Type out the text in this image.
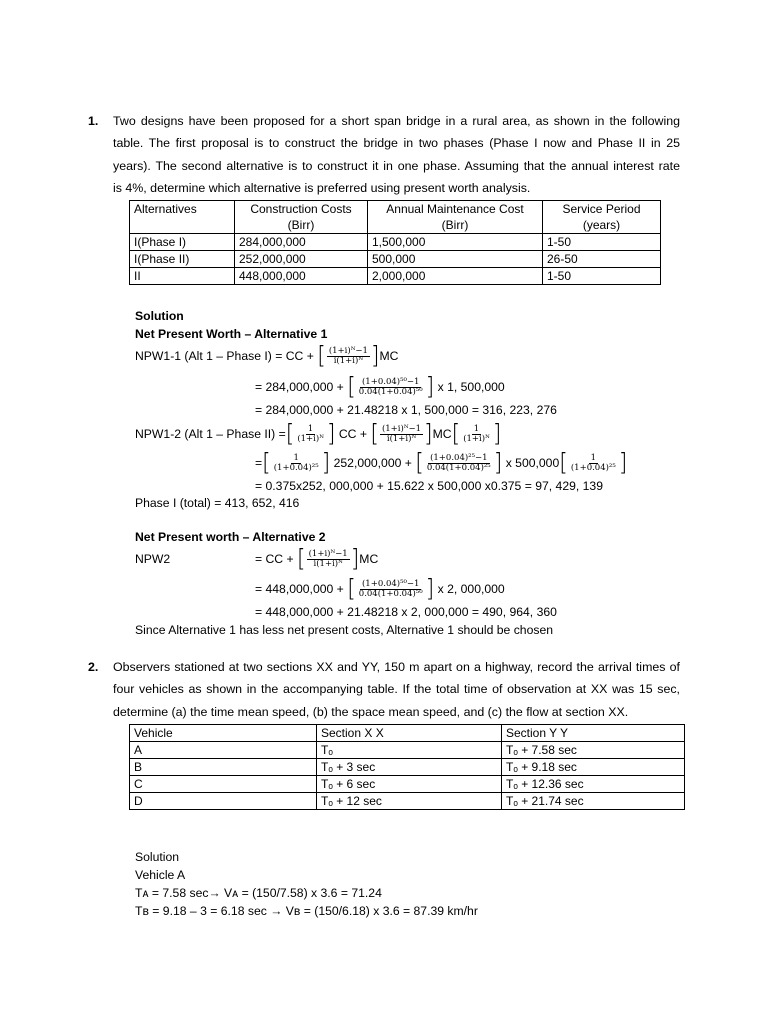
1. Two designs have been proposed for a short span bridge in a rural area, as shown in the following
table. The first proposal is to construct the bridge in two phases (Phase I now and Phase II in 25
years). The second alternative is to construct it in one phase. Assuming that the annual interest rate
is 4%, determine which alternative is preferred using present worth analysis.
Alternatives	Construction Costs (Birr)	Annual Maintenance Cost (Birr)	Service Period (years)
I(Phase I)	284,000,000	1,500,000	1-50
I(Phase II)	252,000,000	500,000	26-50
II	448,000,000	2,000,000	1-50
Solution
Net Present Worth – Alternative 1
NPW1-1 (Alt 1 – Phase I) = CC + [ $\frac{\text{(1+i)ᴺ−1}}{\text{i(1+i)ᴺ}} ]MC$
= 284,000,000 + [ $\frac{\text{(1+0.04)⁵⁰−1}}{\text{0.04(1+0.04)⁵⁰}}$ ] x 1, 500,000
= 284,000,000 + 21.48218 x 1, 500,000 = 316, 223, 276
NPW1-2 (Alt 1 – Phase II) =[ $\frac{1}{\text{(1+i)ᴺ}}$ ] CC + [ $\frac{\text{(1+i)ᴺ−1}}{\text{i(1+i)ᴺ}} ]MC[ \frac{1}{\text{(1+i)ᴺ}}$ ]
=[ $\frac{1}{\text{(1+0.04)²⁵}}$ ] 252,000,000 + [ $\frac{\text{(1+0.04)²⁵−1}}{\text{0.04(1+0.04)²⁵}}$ ] x $500,000[ \frac{1}{\text{(1+0.04)²⁵}}$ ]
= 0.375x252, 000,000 + 15.622 x 500,000 x0.375 = 97, 429, 139
Phase I (total) = 413, 652, 416
Net Present worth – Alternative 2
NPW2	= CC + [ $\frac{\text{(1+i)ᴺ−1}}{\text{i(1+i)ᴺ}} ]MC$
= 448,000,000 + [ $\frac{\text{(1+0.04)⁵⁰−1}}{\text{0.04(1+0.04)⁵⁰}}$ ] x 2, 000,000
= 448,000,000 + 21.48218 x 2, 000,000 = 490, 964, 360
Since Alternative 1 has less net present costs, Alternative 1 should be chosen
2. Observers stationed at two sections XX and YY, 150 m apart on a highway, record the arrival times of
four vehicles as shown in the accompanying table. If the total time of observation at XX was 15 sec,
determine (a) the time mean speed, (b) the space mean speed, and (c) the flow at section XX.
Vehicle	Section X X	Section Y Y
A	Tₒ	Tₒ + 7.58 sec
B	Tₒ + 3 sec	Tₒ + 9.18 sec
C	Tₒ + 6 sec	Tₒ + 12.36 sec
D	Tₒ + 12 sec	Tₒ + 21.74 sec
Solution
Vehicle A
Tᴀ = 7.58 sec→ Vᴀ = (150/7.58) x 3.6 = 71.24
Tʙ = 9.18 – 3 = 6.18 sec → Vʙ = (150/6.18) x 3.6 = 87.39 km/hr
